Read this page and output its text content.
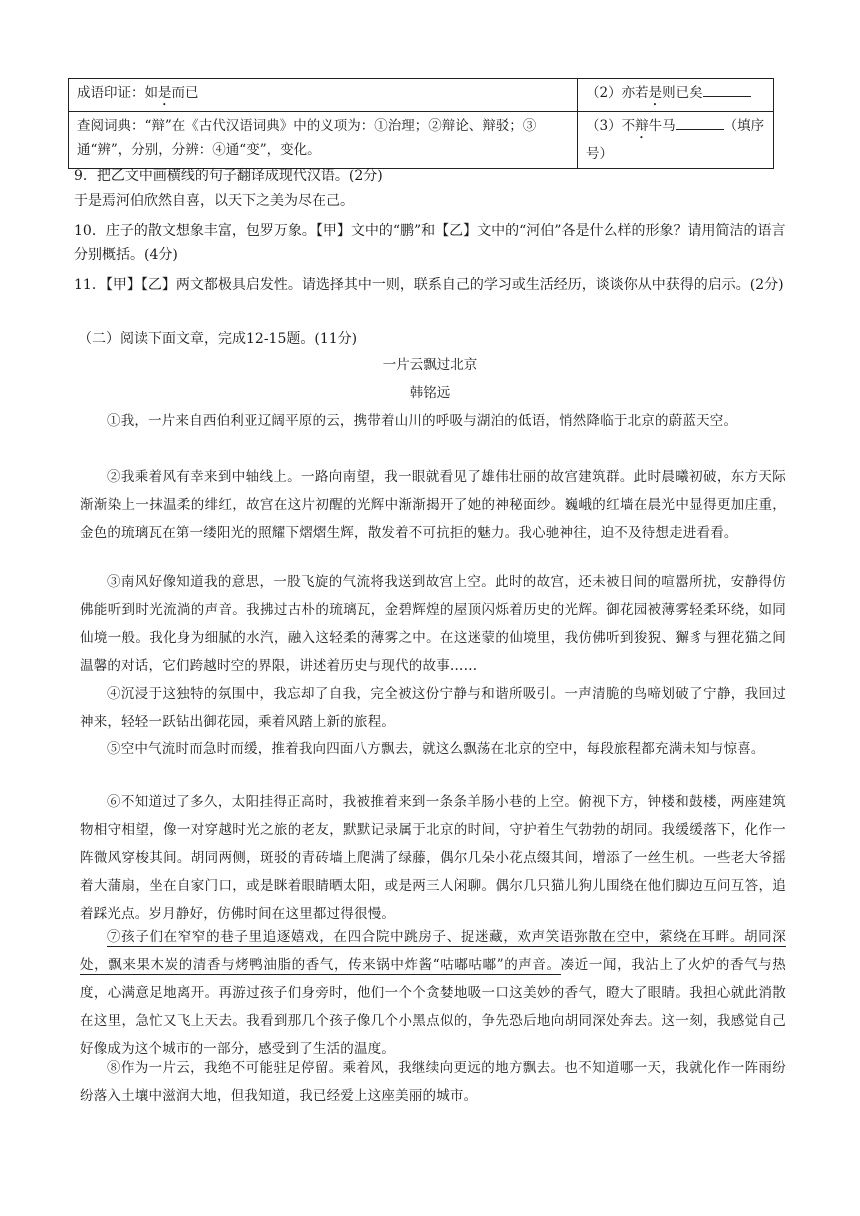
成语印证：如是而已	（2）亦若是则已矣
查阅词典：“辩”在《古代汉语词典》中的义项为：①治理；②辩论、辩驳；③通“辨”，分别，分辨：④通“变”，变化。	（3）不辩牛马 （填序号）
9．把乙文中画横线的句子翻译成现代汉语。(2分)
于是焉河伯欣然自喜，以天下之美为尽在己。
10．庄子的散文想象丰富，包罗万象。【甲】文中的“鹏”和【乙】文中的“河伯”各是什么样的形象？请用简洁的语言分别概括。(4分)
11．【甲】【乙】两文都极具启发性。请选择其中一则，联系自己的学习或生活经历，谈谈你从中获得的启示。(2分)
（二）阅读下面文章，完成12-15题。(11分)
一片云飘过北京
韩铭远
①我，一片来自西伯利亚辽阔平原的云，携带着山川的呼吸与湖泊的低语，悄然降临于北京的蔚蓝天空。
②我乘着风有幸来到中轴线上。一路向南望，我一眼就看见了雄伟壮丽的故宫建筑群。此时晨曦初破，东方天际渐渐染上一抹温柔的绯红，故宫在这片初醒的光辉中渐渐揭开了她的神秘面纱。巍峨的红墙在晨光中显得更加庄重，金色的琉璃瓦在第一缕阳光的照耀下熠熠生辉，散发着不可抗拒的魅力。我心驰神往，迫不及待想走进看看。
③南风好像知道我的意思，一股飞旋的气流将我送到故宫上空。此时的故宫，还未被日间的喧嚣所扰，安静得仿佛能听到时光流淌的声音。我拂过古朴的琉璃瓦，金碧辉煌的屋顶闪烁着历史的光辉。御花园被薄雾轻柔环绕，如同仙境一般。我化身为细腻的水汽，融入这轻柔的薄雾之中。在这迷蒙的仙境里，我仿佛听到狻猊、獬豸与狸花猫之间温馨的对话，它们跨越时空的界限，讲述着历史与现代的故事……
④沉浸于这独特的氛围中，我忘却了自我，完全被这份宁静与和谐所吸引。一声清脆的鸟啼划破了宁静，我回过神来，轻轻一跃钻出御花园，乘着风踏上新的旅程。
⑤空中气流时而急时而缓，推着我向四面八方飘去，就这么飘荡在北京的空中，每段旅程都充满未知与惊喜。
⑥不知道过了多久，太阳挂得正高时，我被推着来到一条条羊肠小巷的上空。俯视下方，钟楼和鼓楼，两座建筑物相守相望，像一对穿越时光之旅的老友，默默记录属于北京的时间，守护着生气勃勃的胡同。我缓缓落下，化作一阵微风穿梭其间。胡同两侧，斑驳的青砖墙上爬满了绿藤，偶尔几朵小花点缀其间，增添了一丝生机。一些老大爷摇着大蒲扇，坐在自家门口，或是眯着眼睛晒太阳，或是两三人闲聊。偶尔几只猫儿狗儿围绕在他们脚边互问互答，追着踩光点。岁月静好，仿佛时间在这里都过得很慢。
⑦孩子们在窄窄的巷子里追逐嬉戏，在四合院中跳房子、捉迷藏，欢声笑语弥散在空中，萦绕在耳畔。胡同深处，飘来果木炭的清香与烤鸭油脂的香气，传来锅中炸酱“咕嘟咕嘟”的声音。凑近一闻，我沾上了火炉的香气与热度，心满意足地离开。再游过孩子们身旁时，他们一个个贪婪地吸一口这美妙的香气，瞪大了眼睛。我担心就此消散在这里，急忙又飞上天去。我看到那几个孩子像几个小黑点似的，争先恐后地向胡同深处奔去。这一刻，我感觉自己好像成为这个城市的一部分，感受到了生活的温度。
⑧作为一片云，我绝不可能驻足停留。乘着风，我继续向更远的地方飘去。也不知道哪一天，我就化作一阵雨纷纷落入土壤中滋润大地，但我知道，我已经爱上这座美丽的城市。
